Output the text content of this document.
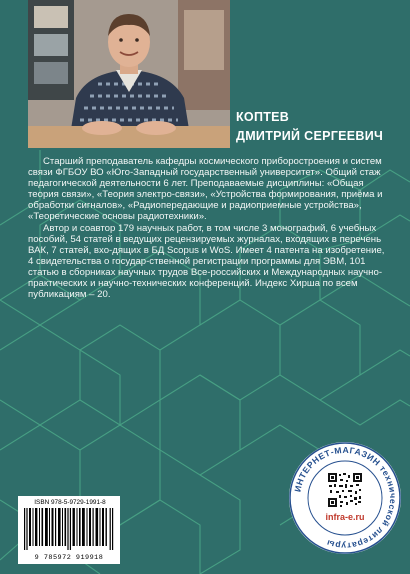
КОПТЕВ
ДМИТРИЙ СЕРГЕЕВИЧ

Старший преподаватель кафедры космического приборостроения и систем связи ФГБОУ ВО «Юго-Западный государственный университет». Общий стаж педагогической деятельности 6 лет. Преподаваемые дисциплины: «Общая теория связи», «Теория электро-связи», «Устройства формирования, приёма и обработки сигналов», «Радиопередающие и радиоприемные устройства», «Теоретические основы радиотехники».

Автор и соавтор 179 научных работ, в том числе 3 монографий, 6 учебных пособий, 54 статей в ведущих рецензируемых журналах, входящих в перечень ВАК, 7 статей, вхо-дящих в БД Scopus и WoS. Имеет 4 патента на изобретение, 4 свидетельства о государ-ственной регистрации программы для ЭВМ, 101 статью в сборниках научных трудов Все-российских и Международных научно-практических и научно-технических конференций. Индекс Хирша по всем публикациям – 20.

ISBN 978-5-9729-1991-8
9 785972 919918
ИНТЕРНЕТ-МАГАЗИН технической литературы
infra-e.ru
